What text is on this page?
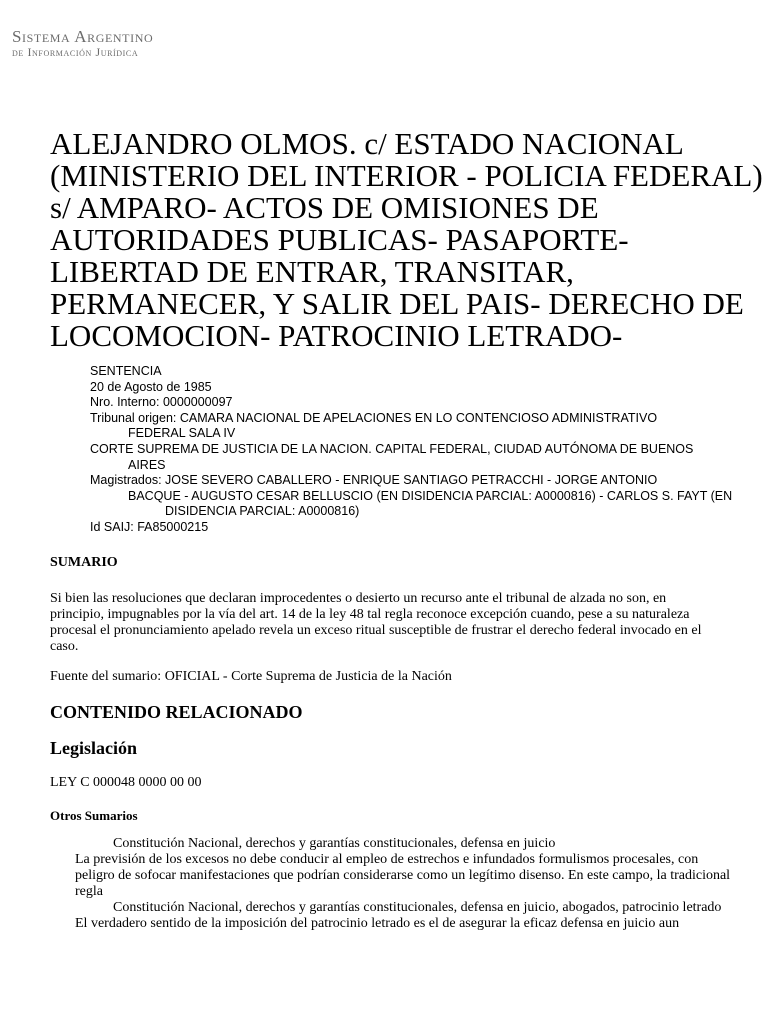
Sistema Argentino
de Información Jurídica
ALEJANDRO OLMOS. c/ ESTADO NACIONAL (MINISTERIO DEL INTERIOR - POLICIA FEDERAL) s/ AMPARO- ACTOS DE OMISIONES DE AUTORIDADES PUBLICAS- PASAPORTE- LIBERTAD DE ENTRAR, TRANSITAR, PERMANECER, Y SALIR DEL PAIS- DERECHO DE LOCOMOCION- PATROCINIO LETRADO-
SENTENCIA
20 de Agosto de 1985
Nro. Interno: 0000000097
Tribunal origen: CAMARA NACIONAL DE APELACIONES EN LO CONTENCIOSO ADMINISTRATIVO
FEDERAL SALA IV
CORTE SUPREMA DE JUSTICIA DE LA NACION. CAPITAL FEDERAL, CIUDAD AUTÓNOMA DE BUENOS
AIRES
Magistrados: JOSE SEVERO CABALLERO - ENRIQUE SANTIAGO PETRACCHI - JORGE ANTONIO
BACQUE - AUGUSTO CESAR BELLUSCIO (EN DISIDENCIA PARCIAL: A0000816) - CARLOS S. FAYT (EN
DISIDENCIA PARCIAL: A0000816)
Id SAIJ: FA85000215
SUMARIO

Si bien las resoluciones que declaran improcedentes o desierto un recurso ante el tribunal de alzada no son, en principio, impugnables por la vía del art. 14 de la ley 48 tal regla reconoce excepción cuando, pese a su naturaleza procesal el pronunciamiento apelado revela un exceso ritual susceptible de frustrar el derecho federal invocado en el caso.

Fuente del sumario: OFICIAL - Corte Suprema de Justicia de la Nación

CONTENIDO RELACIONADO
Legislación

LEY C 000048 0000 00 00

Otros Sumarios
Constitución Nacional, derechos y garantías constitucionales, defensa en juicio
La previsión de los excesos no debe conducir al empleo de estrechos e infundados formulismos procesales, con peligro de sofocar manifestaciones que podrían considerarse como un legítimo disenso. En este campo, la tradicional regla
Constitución Nacional, derechos y garantías constitucionales, defensa en juicio, abogados, patrocinio letrado
El verdadero sentido de la imposición del patrocinio letrado es el de asegurar la eficaz defensa en juicio aun
